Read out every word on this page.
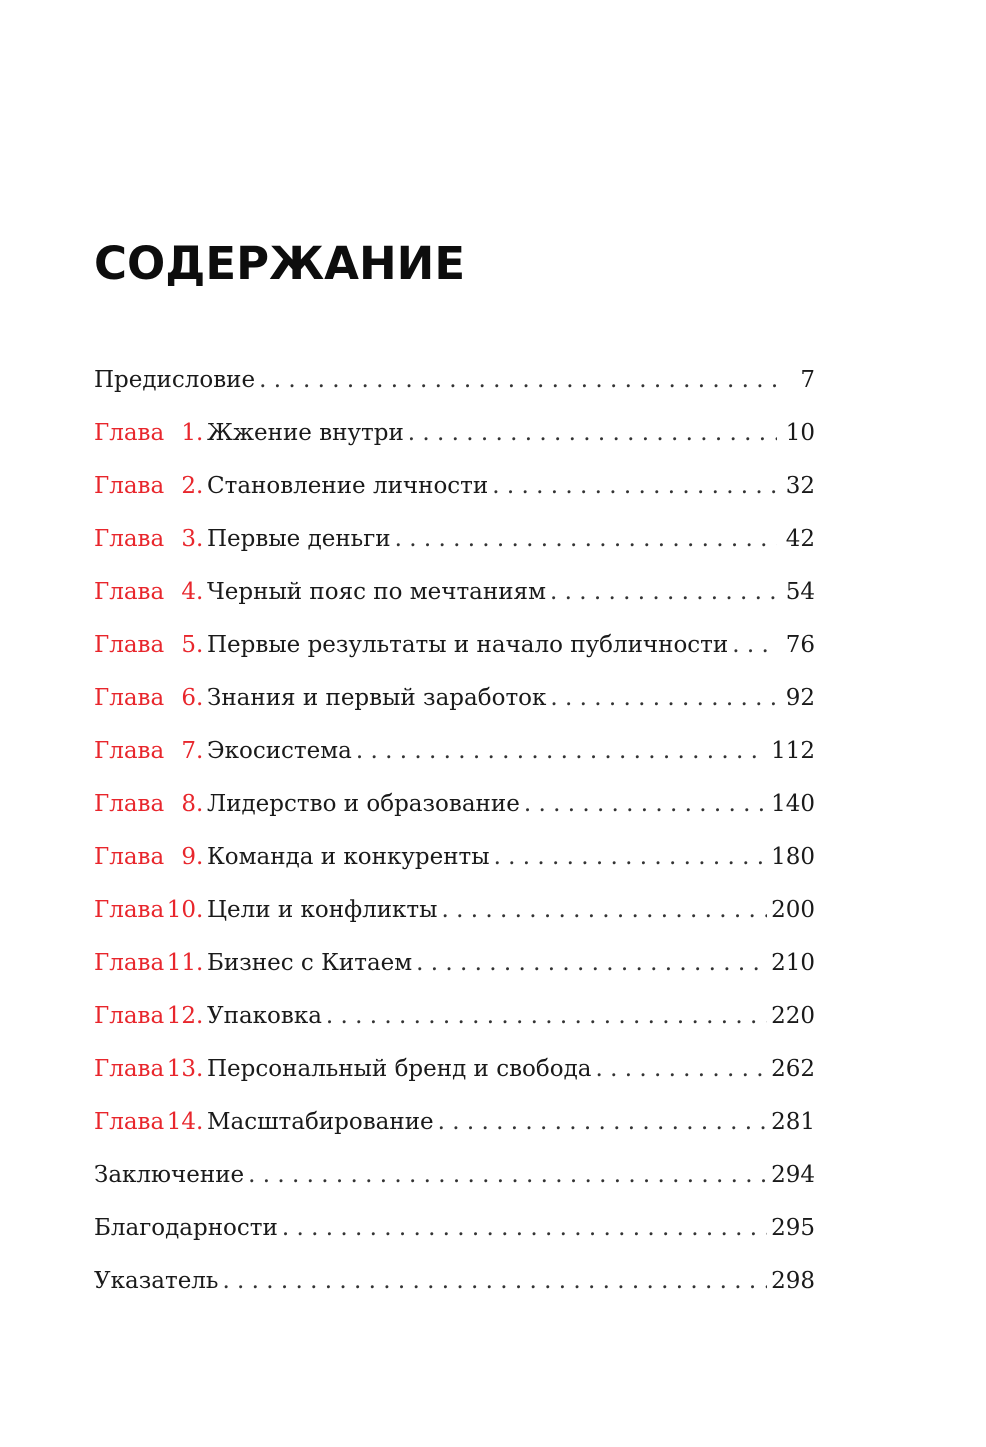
СОДЕРЖАНИЕ
Предисловие . . .	7
Глава 1. Жжение внутри . . .	10
Глава 2. Становление личности . . .	32
Глава 3. Первые деньги . . .	42
Глава 4. Черный пояс по мечтаниям . . .	54
Глава 5. Первые результаты и начало публичности . . . 76
Глава 6. Знания и первый заработок . . .	92
Глава 7. Экосистема . . .	112
Глава 8. Лидерство и образование . . .	140
Глава 9. Команда и конкуренты . . .	180
Глава 10. Цели и конфликты . . .	200
Глава 11. Бизнес с Китаем . . .	210
Глава 12. Упаковка . . .	220
Глава 13. Персональный бренд и свобода . . .	262
Глава 14. Масштабирование . . .	281
Заключение . . .	294
Благодарности . . .	295
Указатель . . .	298
